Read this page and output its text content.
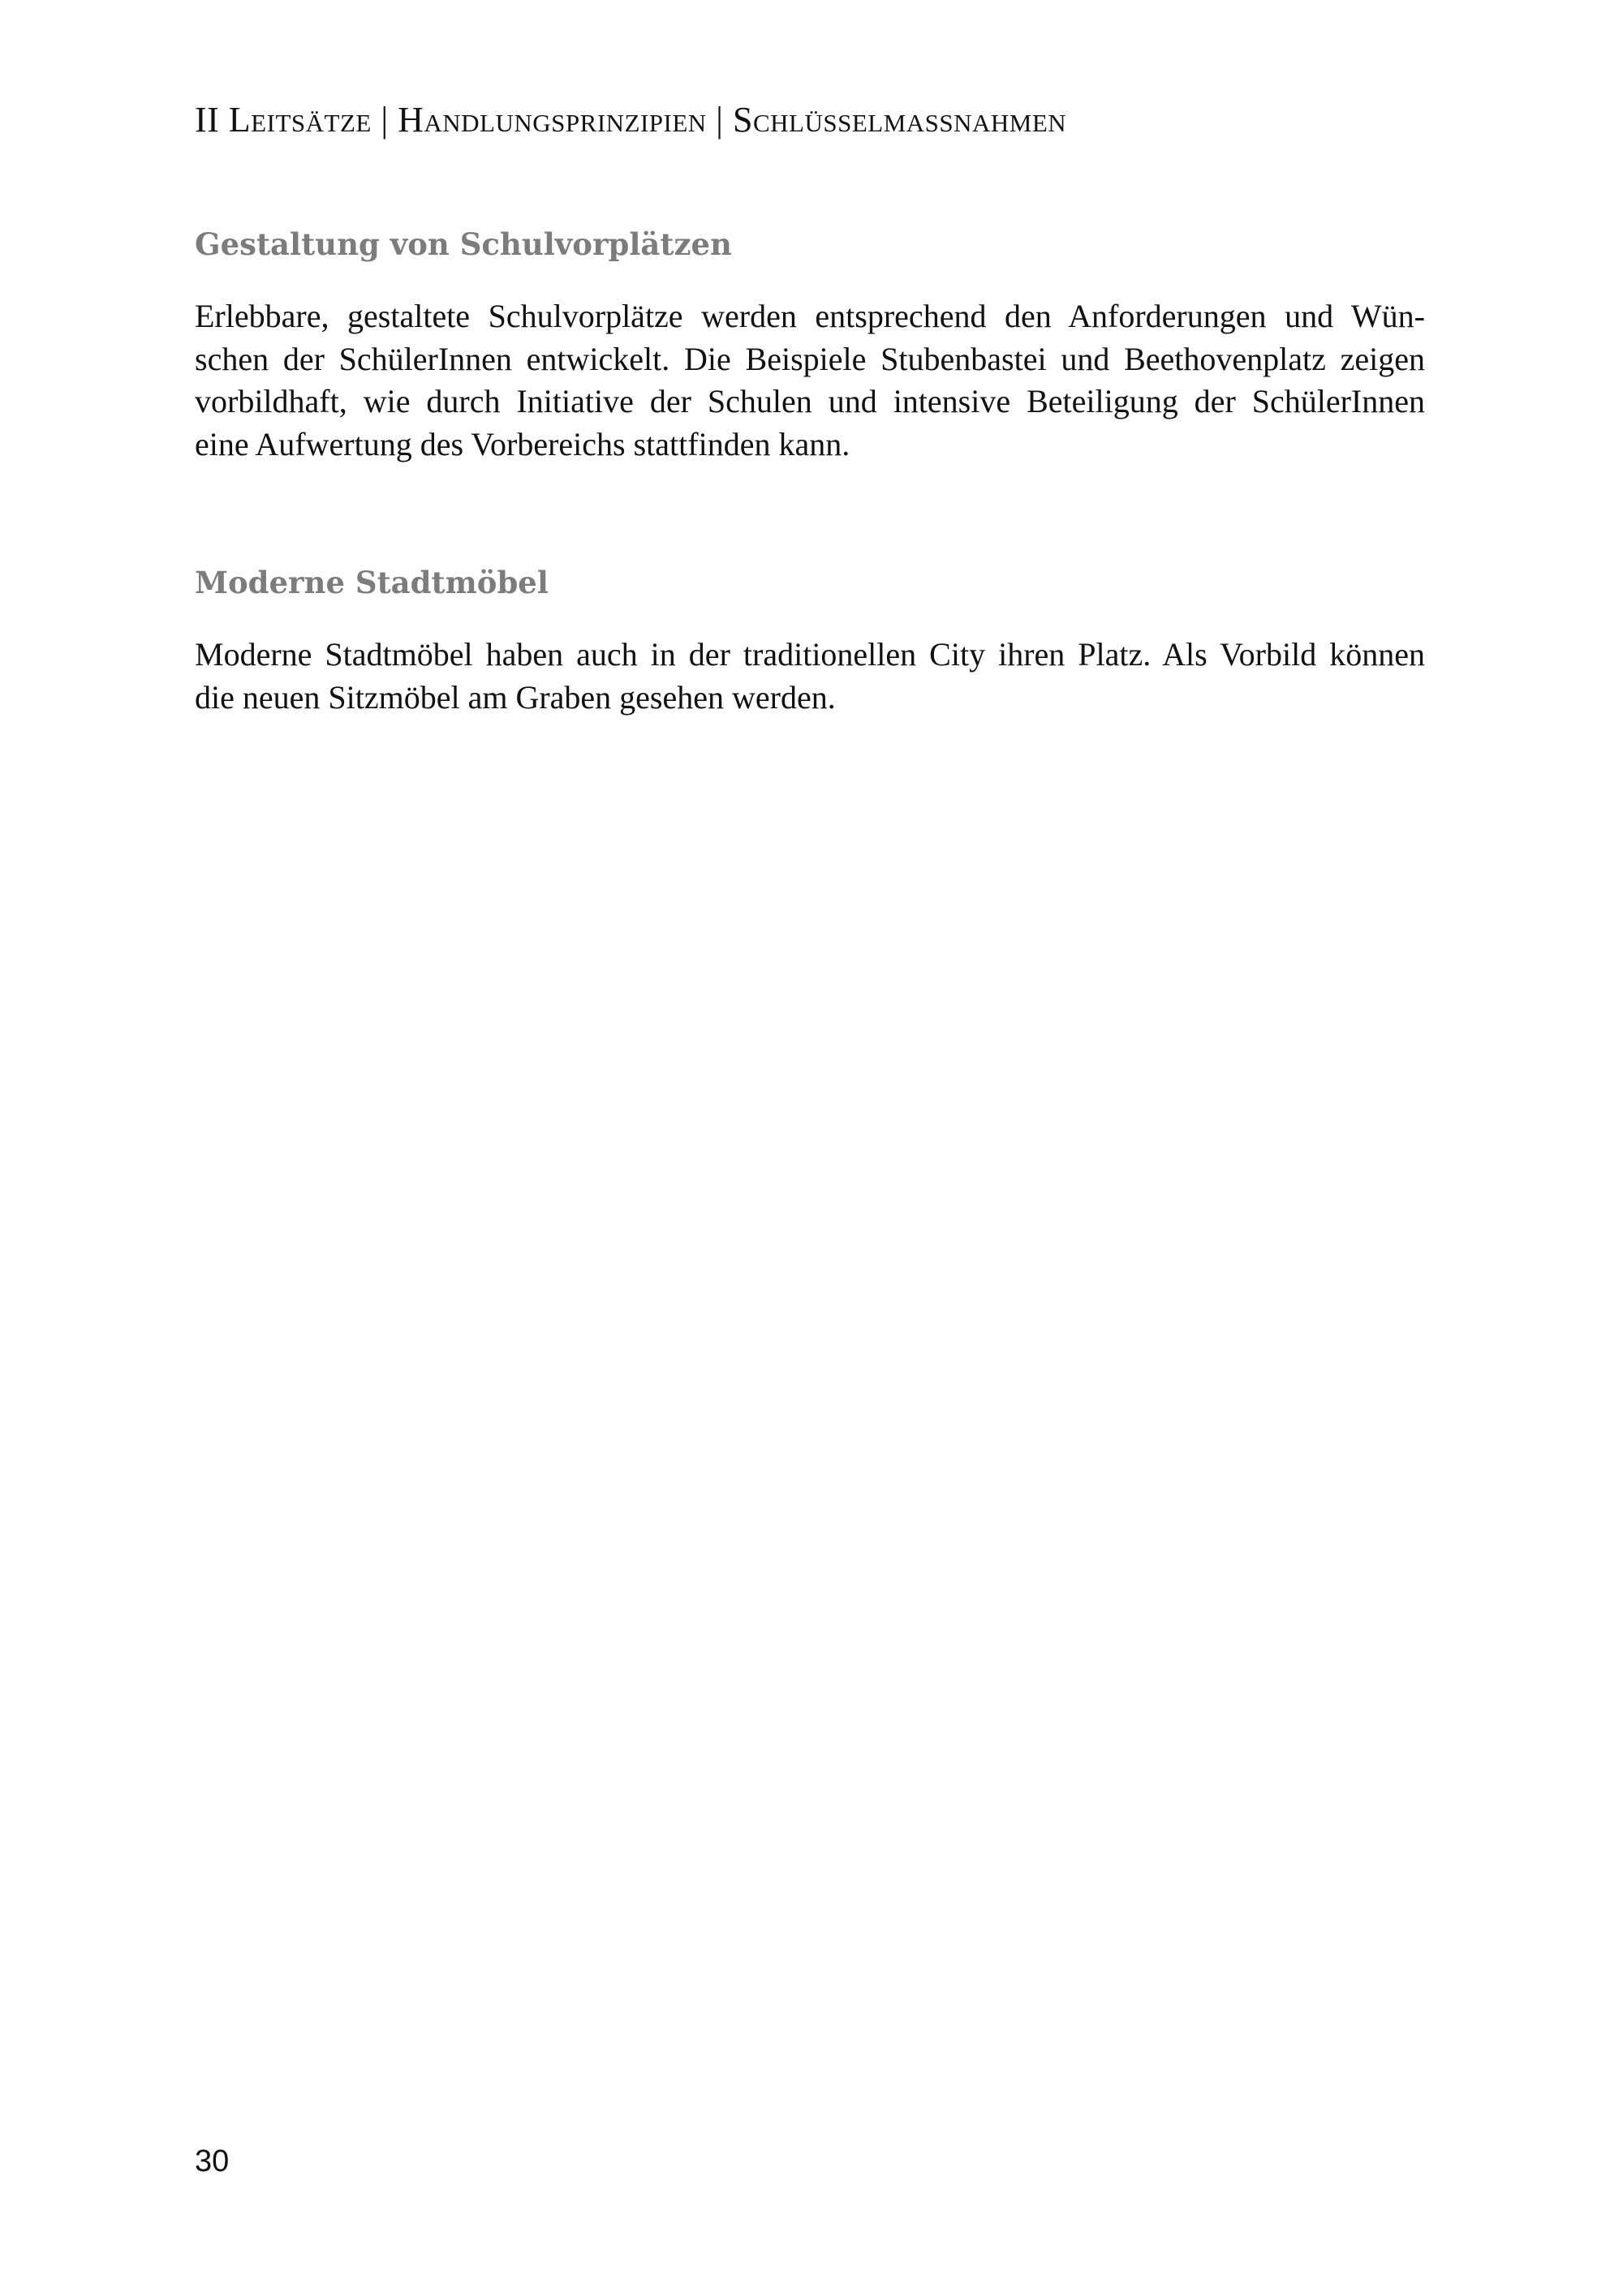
II Leitsätze | Handlungsprinzipien | Schlüsselmassnahmen
Gestaltung von Schulvorplätzen

Erlebbare, gestaltete Schulvorplätze werden entsprechend den Anforderungen und Wün-
schen der SchülerInnen entwickelt. Die Beispiele Stubenbastei und Beethovenplatz zeigen
vorbildhaft, wie durch Initiative der Schulen und intensive Beteiligung der SchülerInnen
eine Aufwertung des Vorbereichs stattfinden kann.

Moderne Stadtmöbel

Moderne Stadtmöbel haben auch in der traditionellen City ihren Platz. Als Vorbild können
die neuen Sitzmöbel am Graben gesehen werden.

30
